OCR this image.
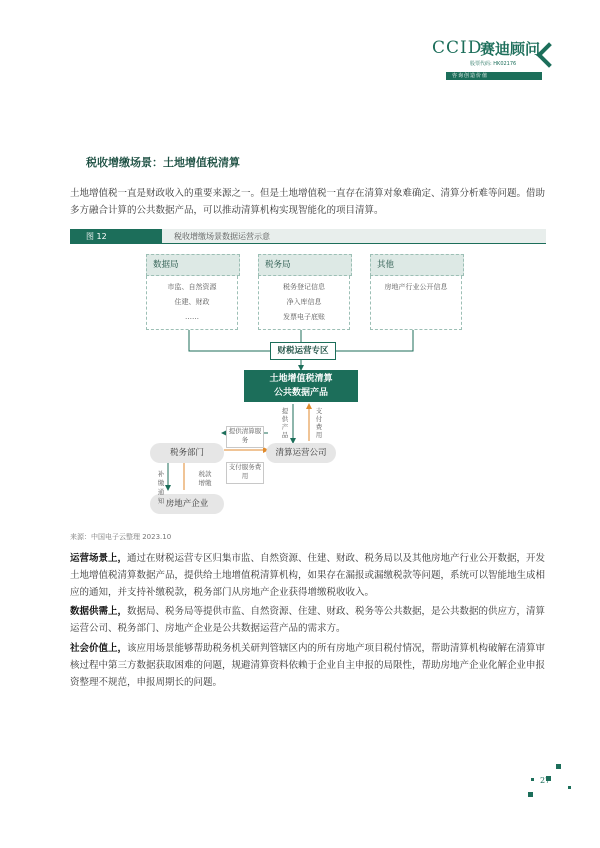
CCID
赛迪顾问
股票代码: HK02176
咨询创造价值
税收增缴场景：土地增值税清算
土地增值税一直是财政收入的重要来源之一。但是土地增值税一直存在清算对象难确定、清算分析难等问题。借助多方融合计算的公共数据产品，可以推动清算机构实现智能化的项目清算。
图 12	税收增缴场景数据运营示意
数据局
市监、自然资源
住建、财政
……
税务局
税务登记信息
净入库信息
发票电子底账
其他
房地产行业公开信息
财税运营专区
土地增值税清算
公共数据产品
税务部门	清算运营公司
房地产企业
提供产品
支付费用
提供清算服务
支付服务费用
补缴通知
税款增缴
来源：中国电子云整理 2023.10
运营场景上，通过在财税运营专区归集市监、自然资源、住建、财政、税务局以及其他房地产行业公开数据，开发土地增值税清算数据产品，提供给土地增值税清算机构，如果存在漏报或漏缴税款等问题，系统可以智能地生成相应的通知，并支持补缴税款，税务部门从房地产企业获得增缴税收收入。
数据供需上，数据局、税务局等提供市监、自然资源、住建、财政、税务等公共数据，是公共数据的供应方，清算运营公司、税务部门、房地产企业是公共数据运营产品的需求方。
社会价值上，该应用场景能够帮助税务机关研判管辖区内的所有房地产项目税付情况，帮助清算机构破解在清算审核过程中第三方数据获取困难的问题，规避清算资料依赖于企业自主申报的局限性，帮助房地产企业化解企业申报资整理不规范，申报周期长的问题。
27
